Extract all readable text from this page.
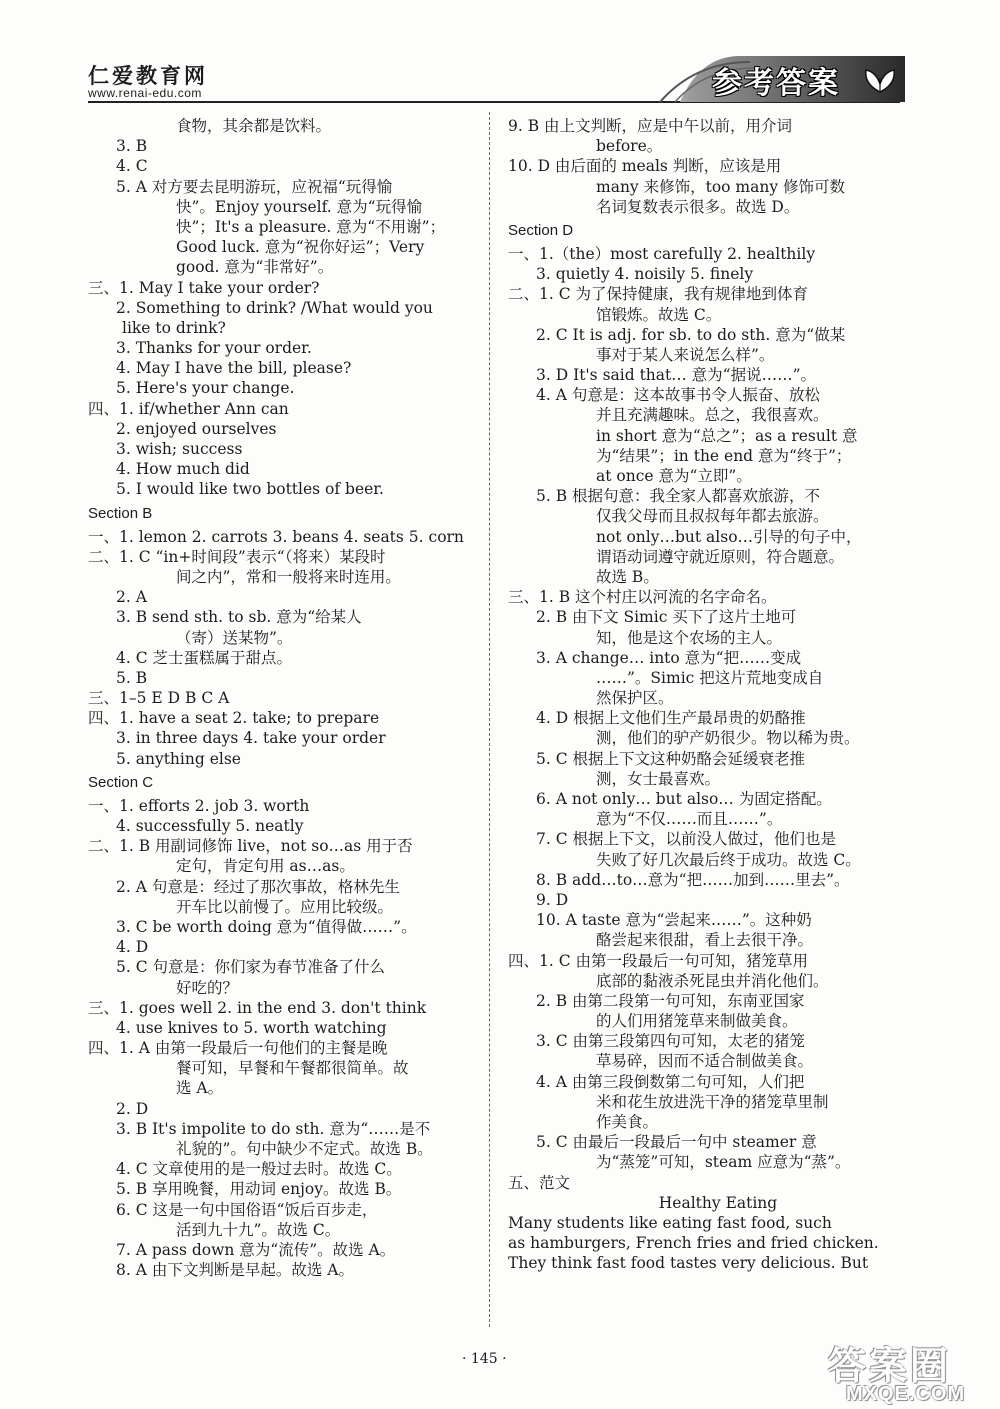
仁爱教育网
www.renai-edu.com	参考答案
食物，其余都是饮料。
3. B
4. C
5. A 对方要去昆明游玩，应祝福“玩得愉
快”。Enjoy yourself. 意为“玩得愉
快”；It's a pleasure. 意为“不用谢”；
Good luck. 意为“祝你好运”；Very
good. 意为“非常好”。
三、1. May I take your order?
2. Something to drink? /What would you
like to drink?
3. Thanks for your order.
4. May I have the bill, please?
5. Here's your change.
四、1. if/whether Ann can
2. enjoyed ourselves
3. wish; success
4. How much did
5. I would like two bottles of beer.
Section B
一、1. lemon 2. carrots 3. beans 4. seats 5. corn
二、1. C “in+时间段”表示“（将来）某段时
间之内”，常和一般将来时连用。
2. A
3. B send sth. to sb. 意为“给某人
（寄）送某物”。
4. C 芝士蛋糕属于甜点。
5. B
三、1–5 E D B C A
四、1. have a seat 2. take; to prepare
3. in three days 4. take your order
5. anything else
Section C
一、1. efforts 2. job 3. worth
4. successfully 5. neatly
二、1. B 用副词修饰 live，not so…as 用于否
定句，肯定句用 as…as。
2. A 句意是：经过了那次事故，格林先生
开车比以前慢了。应用比较级。
3. C be worth doing 意为“值得做……”。
4. D
5. C 句意是：你们家为春节准备了什么
好吃的？
三、1. goes well 2. in the end 3. don't think
4. use knives to 5. worth watching
四、1. A 由第一段最后一句他们的主餐是晚
餐可知，早餐和午餐都很简单。故
选 A。
2. D
3. B It's impolite to do sth. 意为“……是不
礼貌的”。句中缺少不定式。故选 B。
4. C 文章使用的是一般过去时。故选 C。
5. B 享用晚餐，用动词 enjoy。故选 B。
6. C 这是一句中国俗语“饭后百步走，
活到九十九”。故选 C。
7. A pass down 意为“流传”。故选 A。
8. A 由下文判断是早起。故选 A。
9. B 由上文判断，应是中午以前，用介词
before。
10. D 由后面的 meals 判断，应该是用
many 来修饰，too many 修饰可数
名词复数表示很多。故选 D。
Section D
一、1.（the）most carefully 2. healthily
3. quietly 4. noisily 5. finely
二、1. C 为了保持健康，我有规律地到体育
馆锻炼。故选 C。
2. C It is adj. for sb. to do sth. 意为“做某
事对于某人来说怎么样”。
3. D It's said that… 意为“据说……”。
4. A 句意是：这本故事书令人振奋、放松
并且充满趣味。总之，我很喜欢。
in short 意为“总之”；as a result 意
为“结果”；in the end 意为“终于”；
at once 意为“立即”。
5. B 根据句意：我全家人都喜欢旅游，不
仅我父母而且叔叔每年都去旅游。
not only…but also…引导的句子中，
谓语动词遵守就近原则，符合题意。
故选 B。
三、1. B 这个村庄以河流的名字命名。
2. B 由下文 Simic 买下了这片土地可
知，他是这个农场的主人。
3. A change… into 意为“把……变成
……”。Simic 把这片荒地变成自
然保护区。
4. D 根据上文他们生产最昂贵的奶酪推
测，他们的驴产奶很少。物以稀为贵。
5. C 根据上下文这种奶酪会延缓衰老推
测，女士最喜欢。
6. A not only… but also… 为固定搭配。
意为“不仅……而且……”。
7. C 根据上下文，以前没人做过，他们也是
失败了好几次最后终于成功。故选 C。
8. B add…to…意为“把……加到……里去”。
9. D
10. A taste 意为“尝起来……”。这种奶
酪尝起来很甜，看上去很干净。
四、1. C 由第一段最后一句可知，猪笼草用
底部的黏液杀死昆虫并消化他们。
2. B 由第二段第一句可知，东南亚国家
的人们用猪笼草来制做美食。
3. C 由第三段第四句可知，太老的猪笼
草易碎，因而不适合制做美食。
4. A 由第三段倒数第二句可知，人们把
米和花生放进洗干净的猪笼草里制
作美食。
5. C 由最后一段最后一句中 steamer 意
为“蒸笼”可知，steam 应意为“蒸”。
五、范文
Healthy Eating
Many students like eating fast food, such
as hamburgers, French fries and fried chicken.
They think fast food tastes very delicious. But
· 145 ·	答案圈
MXQE.COM
